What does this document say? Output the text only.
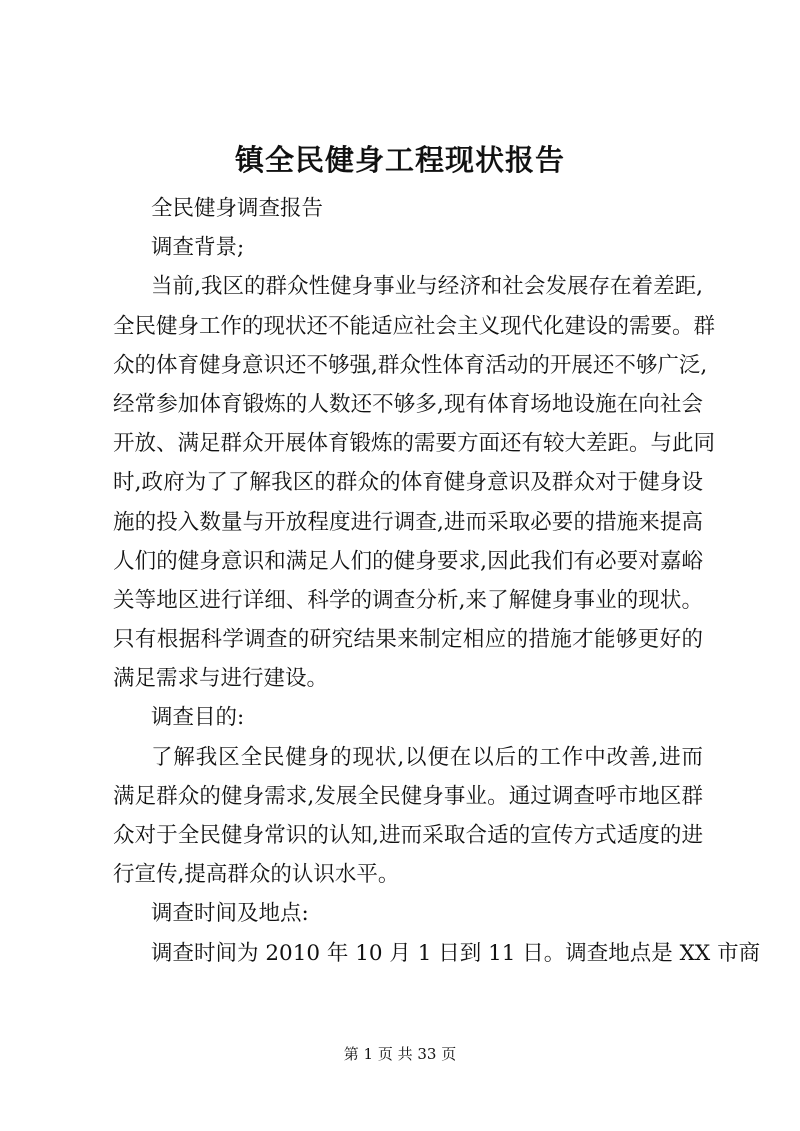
镇全民健身工程现状报告

全民健身调查报告

调查背景;

当前,我区的群众性健身事业与经济和社会发展存在着差距,

全民健身工作的现状还不能适应社会主义现代化建设的需要。群

众的体育健身意识还不够强,群众性体育活动的开展还不够广泛,

经常参加体育锻炼的人数还不够多,现有体育场地设施在向社会

开放、满足群众开展体育锻炼的需要方面还有较大差距。与此同

时,政府为了了解我区的群众的体育健身意识及群众对于健身设

施的投入数量与开放程度进行调查,进而采取必要的措施来提高

人们的健身意识和满足人们的健身要求,因此我们有必要对嘉峪

关等地区进行详细、科学的调查分析,来了解健身事业的现状。

只有根据科学调查的研究结果来制定相应的措施才能够更好的

满足需求与进行建设。

调查目的:

了解我区全民健身的现状,以便在以后的工作中改善,进而

满足群众的健身需求,发展全民健身事业。通过调查呼市地区群

众对于全民健身常识的认知,进而采取合适的宣传方式适度的进

行宣传,提高群众的认识水平。

调查时间及地点:

调查时间为 2010 年 10 月 1 日到 11 日。调查地点是 XX 市商

第 1 页 共 33 页
